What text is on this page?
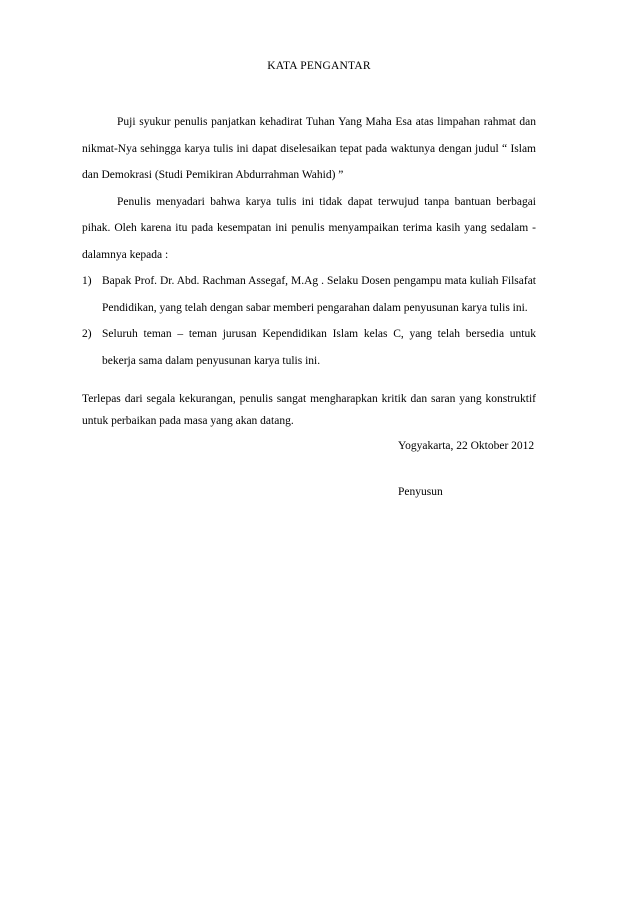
KATA PENGANTAR

Puji syukur penulis panjatkan kehadirat Tuhan Yang Maha Esa atas limpahan rahmat dan nikmat-Nya sehingga karya tulis ini dapat diselesaikan tepat pada waktunya dengan judul “ Islam dan Demokrasi (Studi Pemikiran Abdurrahman Wahid) ”

Penulis menyadari bahwa karya tulis ini tidak dapat terwujud tanpa bantuan berbagai pihak. Oleh karena itu pada kesempatan ini penulis menyampaikan terima kasih yang sedalam - dalamnya kepada :

1) Bapak Prof. Dr. Abd. Rachman Assegaf, M.Ag . Selaku Dosen pengampu mata kuliah Filsafat Pendidikan, yang telah dengan sabar memberi pengarahan dalam penyusunan karya tulis ini.
2) Seluruh teman – teman jurusan Kependidikan Islam kelas C, yang telah bersedia untuk bekerja sama dalam penyusunan karya tulis ini.

Terlepas dari segala kekurangan, penulis sangat mengharapkan kritik dan saran yang konstruktif untuk perbaikan pada masa yang akan datang.

Yogyakarta, 22 Oktober 2012
Penyusun
